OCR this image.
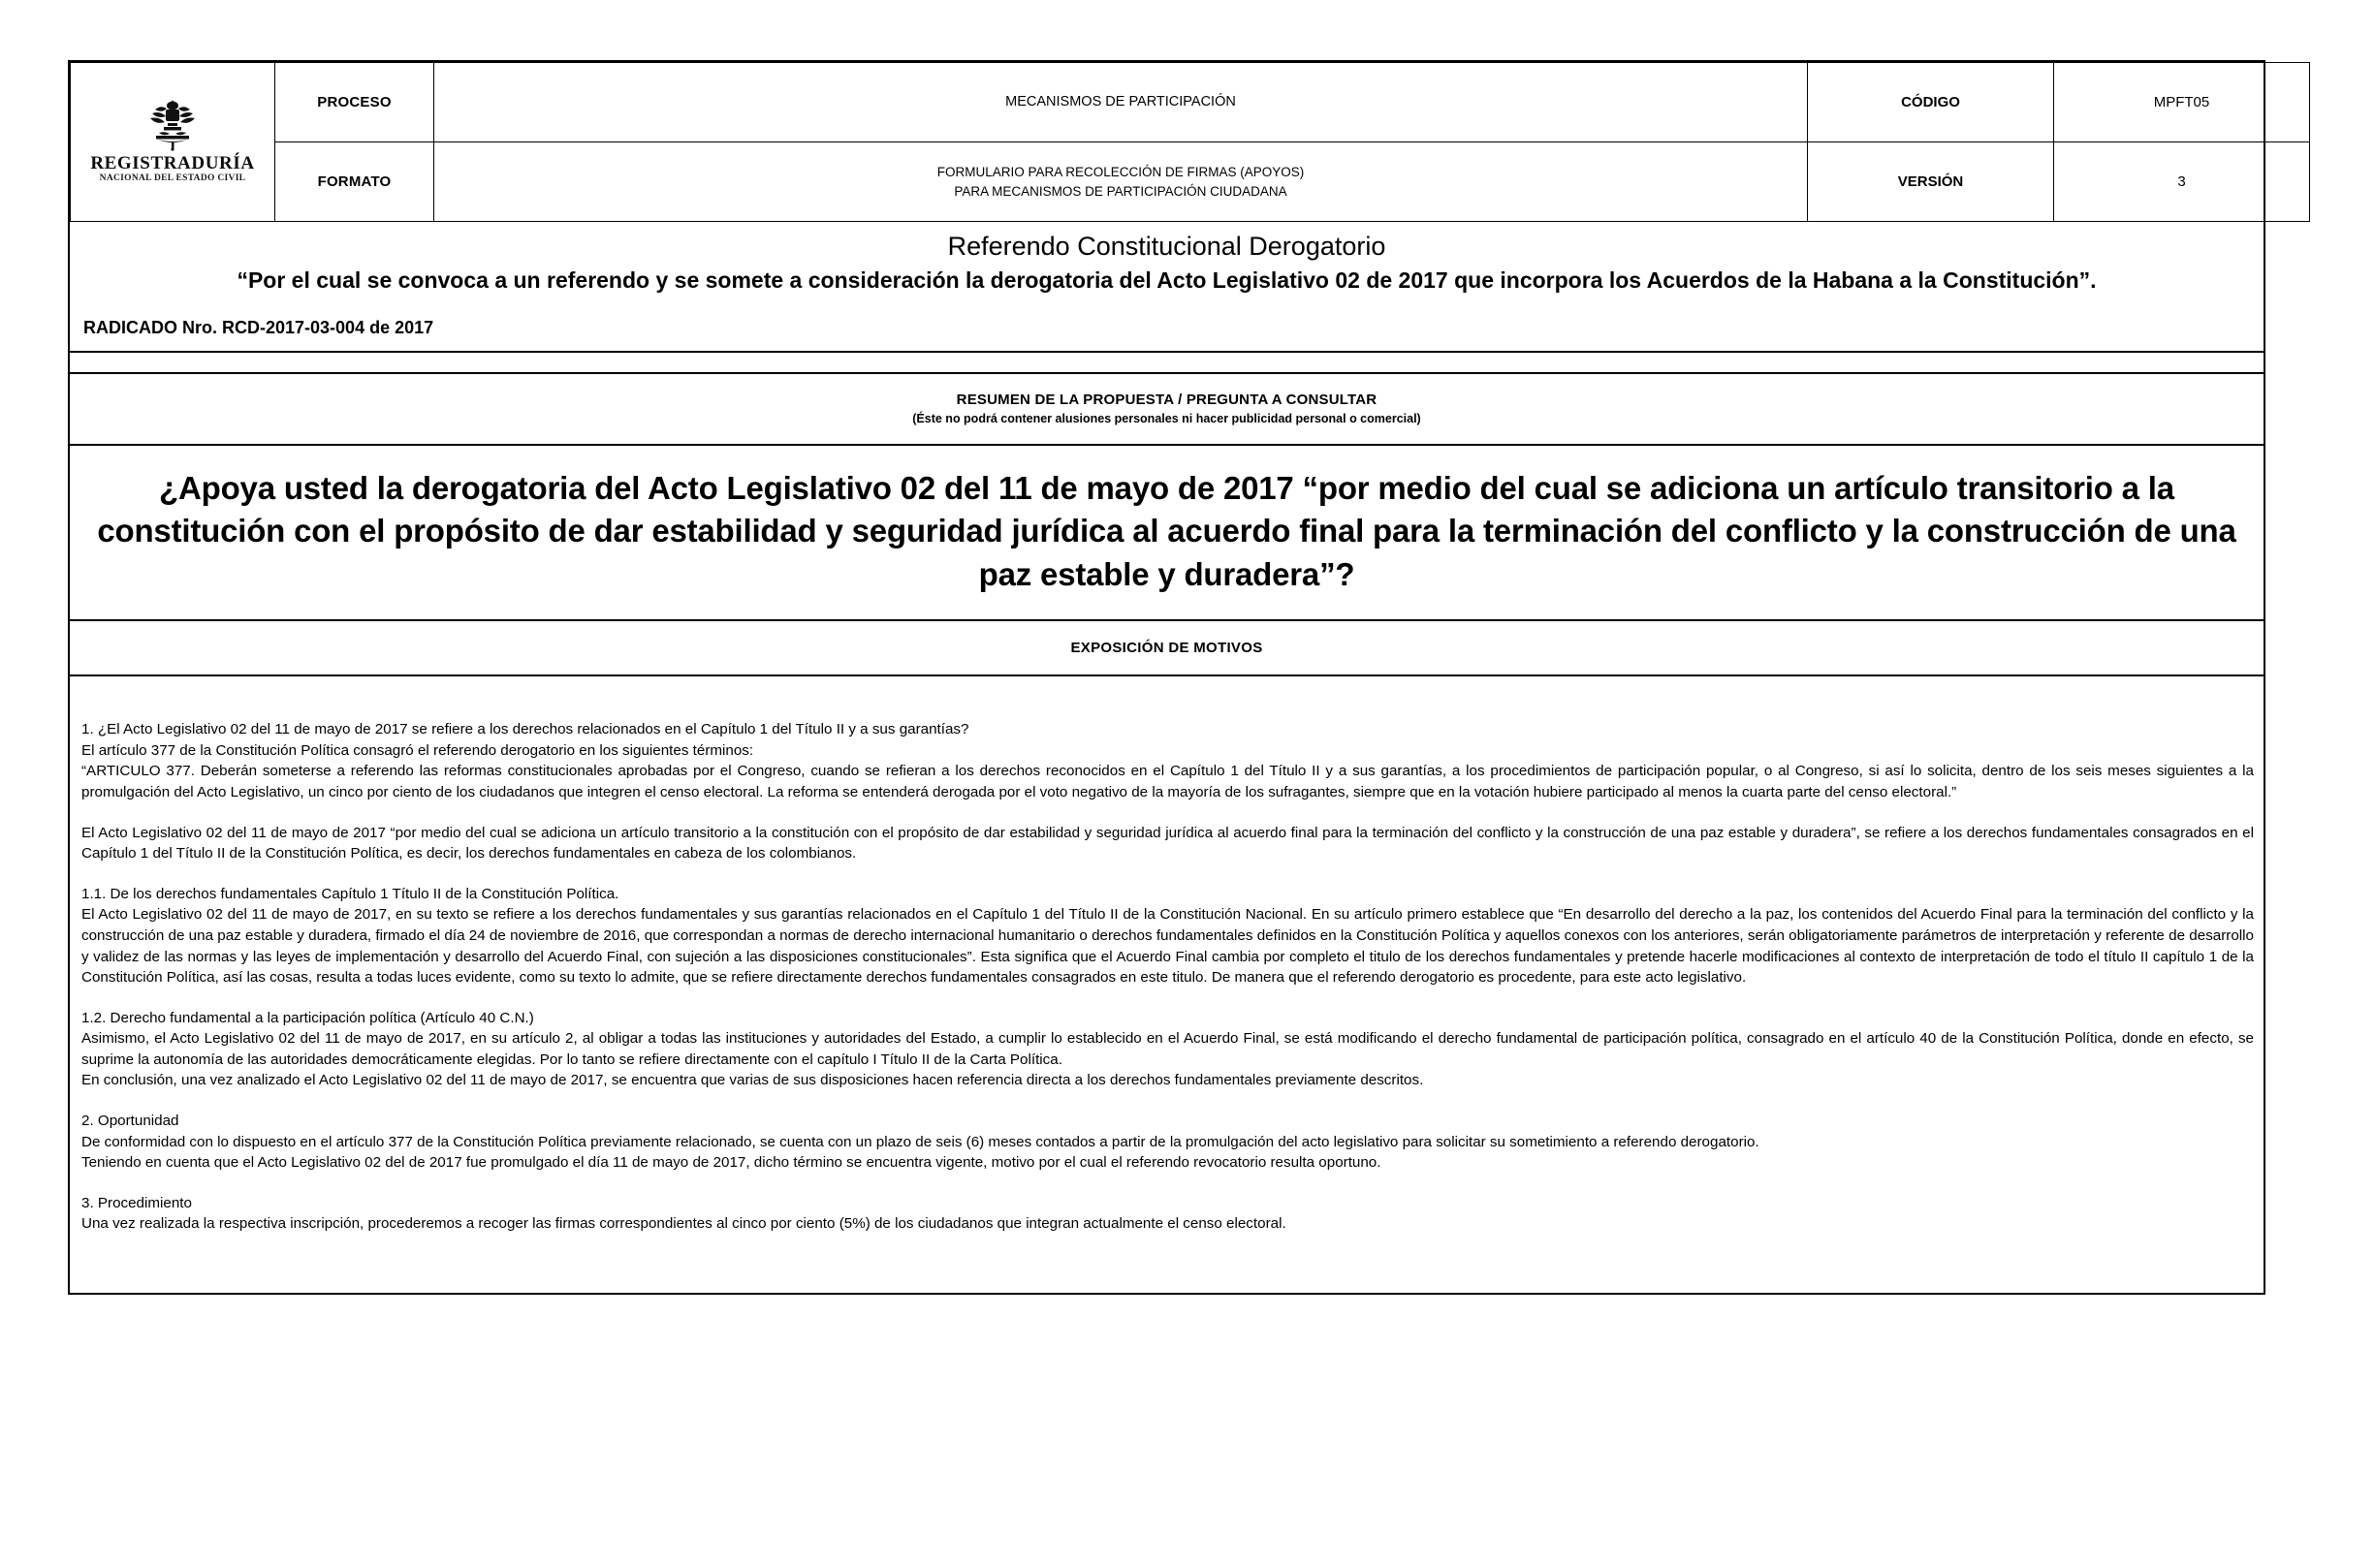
REGISTRADURÍA
NACIONAL DEL ESTADO CIVIL	PROCESO	MECANISMOS DE PARTICIPACIÓN	CÓDIGO	MPFT05
	FORMATO	FORMULARIO PARA RECOLECCIÓN DE FIRMAS (APOYOS)
PARA MECANISMOS DE PARTICIPACIÓN CIUDADANA	VERSIÓN	3
Referendo Constitucional Derogatorio
“Por el cual se convoca a un referendo y se somete a consideración la derogatoria del Acto Legislativo 02 de 2017 que incorpora los Acuerdos de la Habana a la Constitución”.
RADICADO Nro. RCD-2017-03-004 de 2017
RESUMEN DE LA PROPUESTA / PREGUNTA A CONSULTAR
(Éste no podrá contener alusiones personales ni hacer publicidad personal o comercial)
¿Apoya usted la derogatoria del Acto Legislativo 02 del 11 de mayo de 2017 “por medio del cual se adiciona un artículo transitorio a la constitución con el propósito de dar estabilidad y seguridad jurídica al acuerdo final para la terminación del conflicto y la construcción de una paz estable y duradera”?
EXPOSICIÓN DE MOTIVOS

1. ¿El Acto Legislativo 02 del 11 de mayo de 2017 se refiere a los derechos relacionados en el Capítulo 1 del Título II y a sus garantías?

El artículo 377 de la Constitución Política consagró el referendo derogatorio en los siguientes términos:

“ARTICULO 377. Deberán someterse a referendo las reformas constitucionales aprobadas por el Congreso, cuando se refieran a los derechos reconocidos en el Capítulo 1 del Título II y a sus garantías, a los procedimientos de participación popular, o al Congreso, si así lo solicita, dentro de los seis meses siguientes a la promulgación del Acto Legislativo, un cinco por ciento de los ciudadanos que integren el censo electoral. La reforma se entenderá derogada por el voto negativo de la mayoría de los sufragantes, siempre que en la votación hubiere participado al menos la cuarta parte del censo electoral.”

El Acto Legislativo 02 del 11 de mayo de 2017 “por medio del cual se adiciona un artículo transitorio a la constitución con el propósito de dar estabilidad y seguridad jurídica al acuerdo final para la terminación del conflicto y la construcción de una paz estable y duradera”, se refiere a los derechos fundamentales consagrados en el Capítulo 1 del Título II de la Constitución Política, es decir, los derechos fundamentales en cabeza de los colombianos.

1.1. De los derechos fundamentales Capítulo 1 Título II de la Constitución Política.

El Acto Legislativo 02 del 11 de mayo de 2017, en su texto se refiere a los derechos fundamentales y sus garantías relacionados en el Capítulo 1 del Título II de la Constitución Nacional. En su artículo primero establece que “En desarrollo del derecho a la paz, los contenidos del Acuerdo Final para la terminación del conflicto y la construcción de una paz estable y duradera, firmado el día 24 de noviembre de 2016, que correspondan a normas de derecho internacional humanitario o derechos fundamentales definidos en la Constitución Política y aquellos conexos con los anteriores, serán obligatoriamente parámetros de interpretación y referente de desarrollo y validez de las normas y las leyes de implementación y desarrollo del Acuerdo Final, con sujeción a las disposiciones constitucionales”. Esta significa que el Acuerdo Final cambia por completo el titulo de los derechos fundamentales y pretende hacerle modificaciones al contexto de interpretación de todo el título II capítulo 1 de la Constitución Política, así las cosas, resulta a todas luces evidente, como su texto lo admite, que se refiere directamente derechos fundamentales consagrados en este titulo. De manera que el referendo derogatorio es procedente, para este acto legislativo.

1.2. Derecho fundamental a la participación política (Artículo 40 C.N.)

Asimismo, el Acto Legislativo 02 del 11 de mayo de 2017, en su artículo 2, al obligar a todas las instituciones y autoridades del Estado, a cumplir lo establecido en el Acuerdo Final, se está modificando el derecho fundamental de participación política, consagrado en el artículo 40 de la Constitución Política, donde en efecto, se suprime la autonomía de las autoridades democráticamente elegidas. Por lo tanto se refiere directamente con el capítulo I Título II de la Carta Política.

En conclusión, una vez analizado el Acto Legislativo 02 del 11 de mayo de 2017, se encuentra que varias de sus disposiciones hacen referencia directa a los derechos fundamentales previamente descritos.

2. Oportunidad

De conformidad con lo dispuesto en el artículo 377 de la Constitución Política previamente relacionado, se cuenta con un plazo de seis (6) meses contados a partir de la promulgación del acto legislativo para solicitar su sometimiento a referendo derogatorio.

Teniendo en cuenta que el Acto Legislativo 02 del de 2017 fue promulgado el día 11 de mayo de 2017, dicho término se encuentra vigente, motivo por el cual el referendo revocatorio resulta oportuno.

3. Procedimiento

Una vez realizada la respectiva inscripción, procederemos a recoger las firmas correspondientes al cinco por ciento (5%) de los ciudadanos que integran actualmente el censo electoral.
